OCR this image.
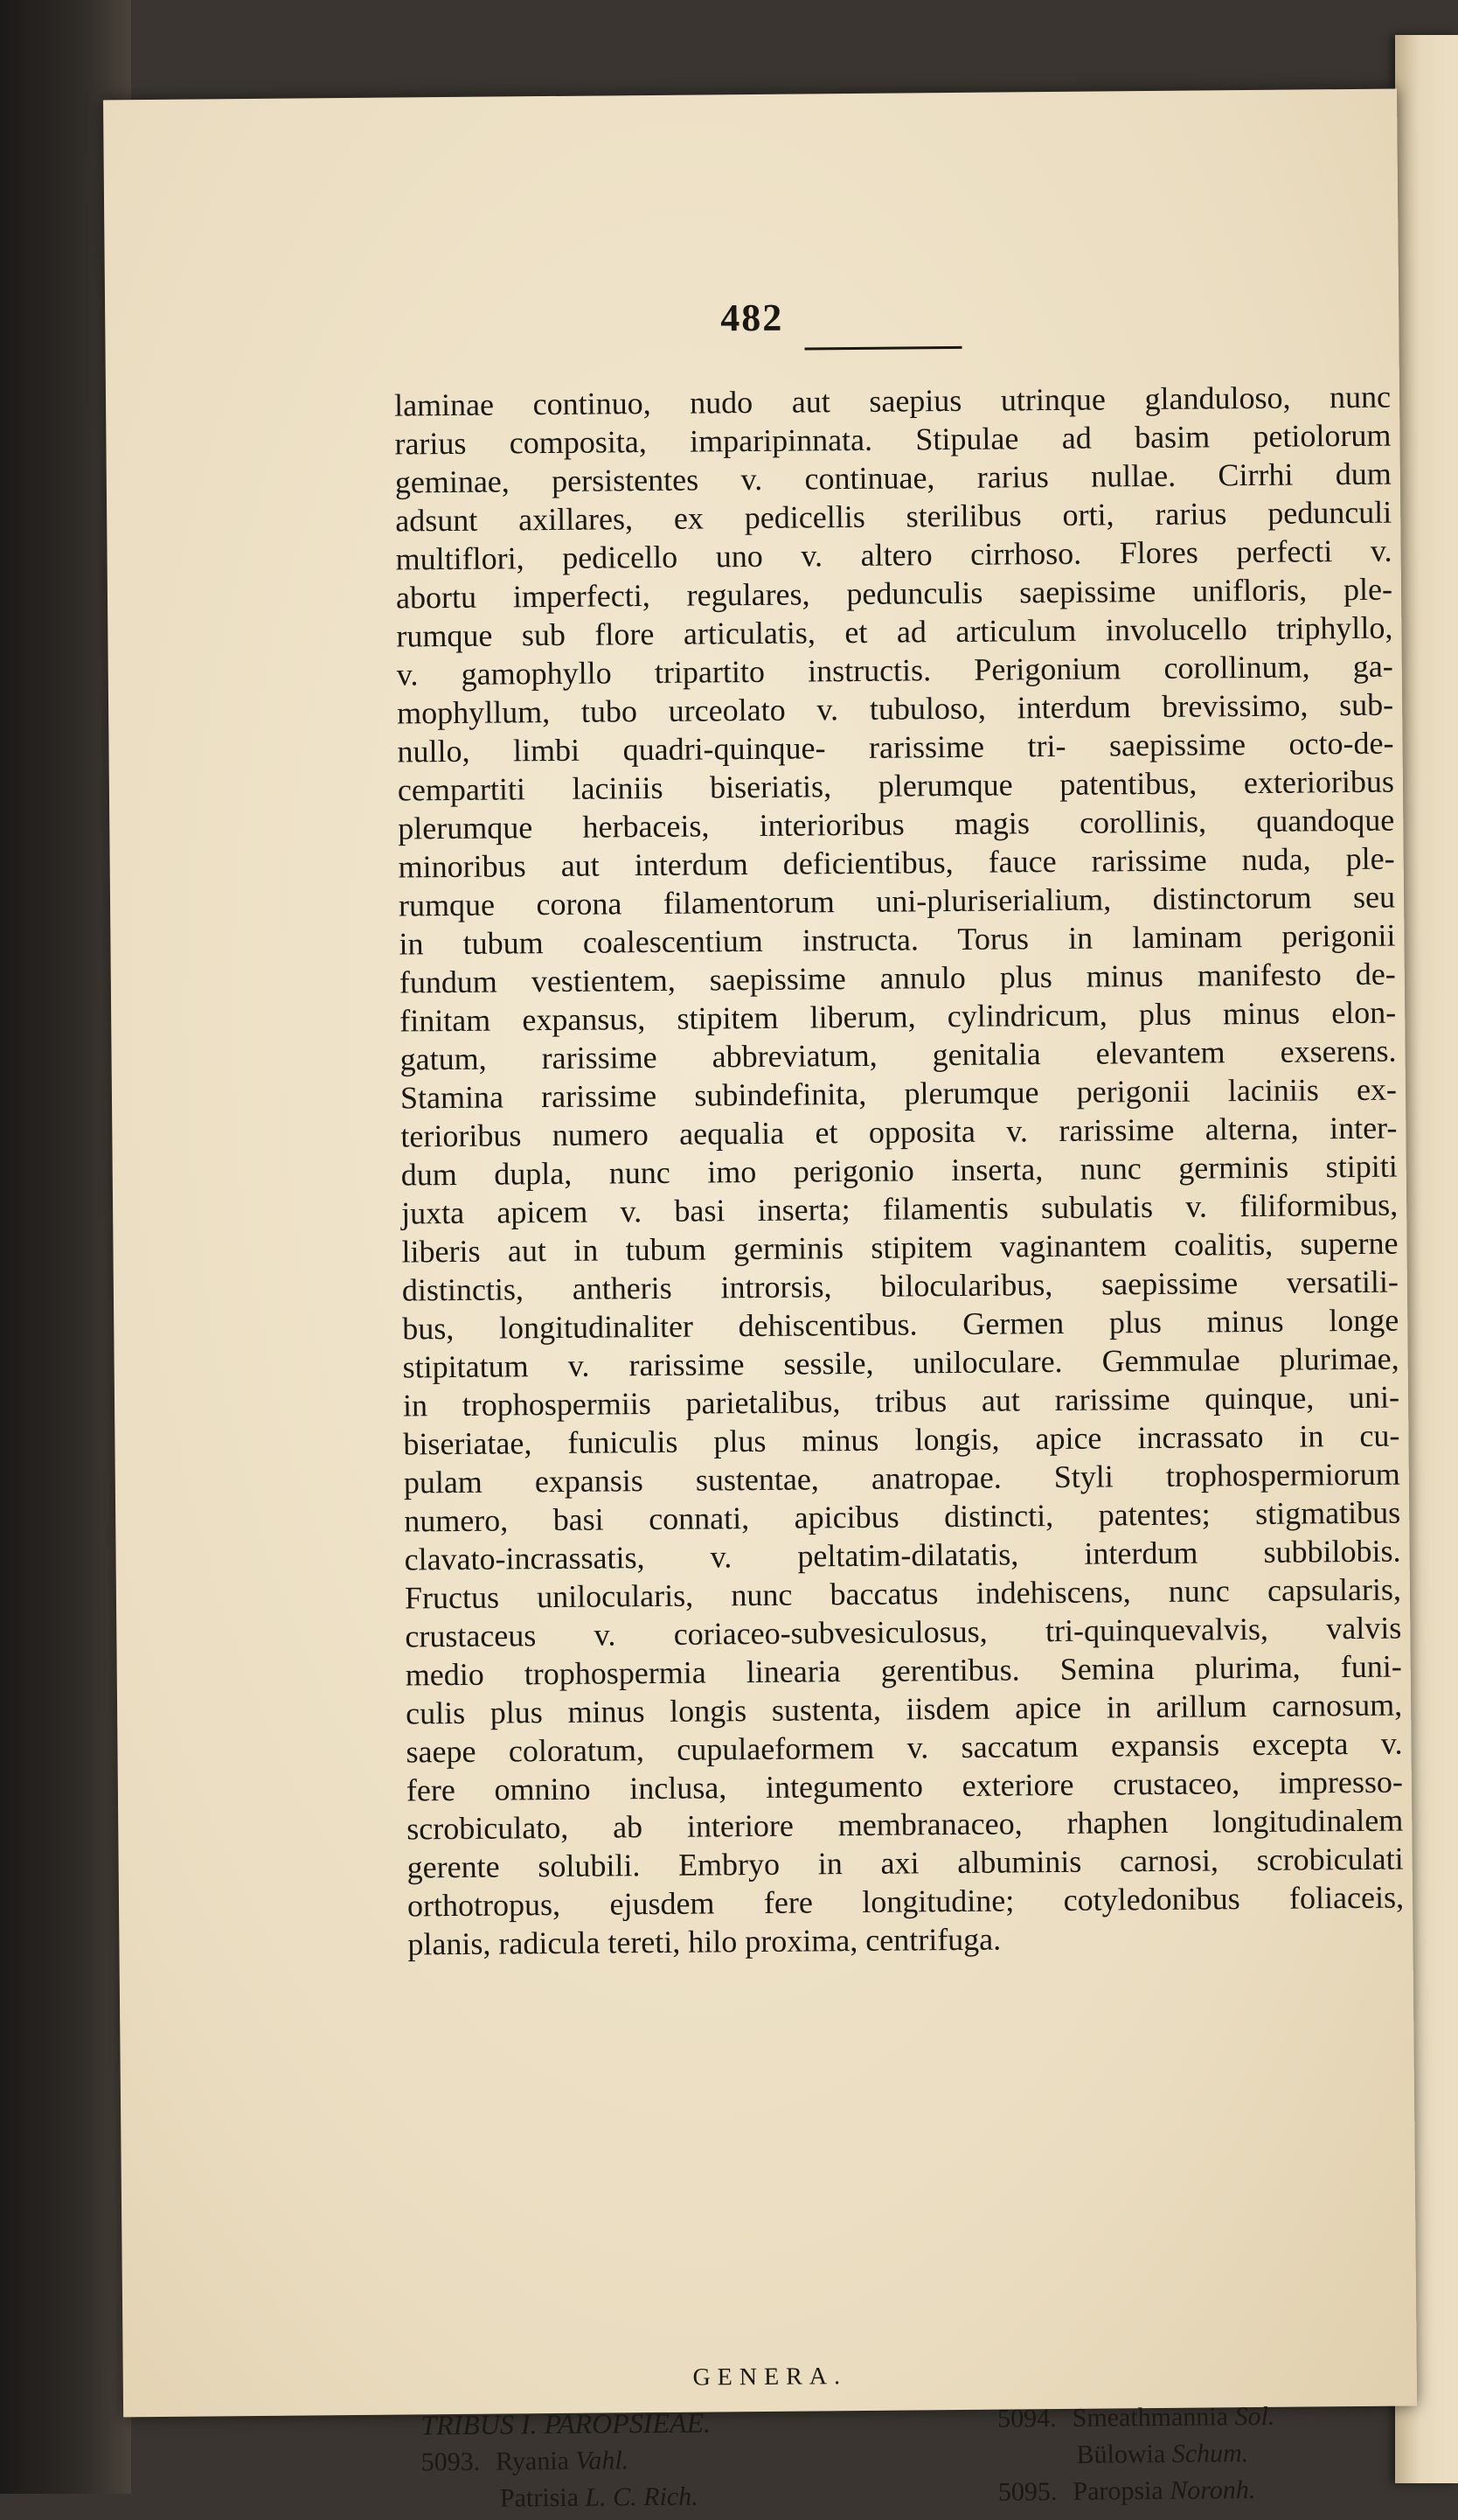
482
laminae continuo, nudo aut saepius utrinque glanduloso, nunc
rarius composita, imparipinnata. Stipulae ad basim petiolorum
geminae, persistentes v. continuae, rarius nullae. Cirrhi dum
adsunt axillares, ex pedicellis sterilibus orti, rarius pedunculi
multiflori, pedicello uno v. altero cirrhoso. Flores perfecti v.
abortu imperfecti, regulares, pedunculis saepissime unifloris, ple-
rumque sub flore articulatis, et ad articulum involucello triphyllo,
v. gamophyllo tripartito instructis. Perigonium corollinum, ga-
mophyllum, tubo urceolato v. tubuloso, interdum brevissimo, sub-
nullo, limbi quadri-quinque- rarissime tri- saepissime octo-de-
cempartiti laciniis biseriatis, plerumque patentibus, exterioribus
plerumque herbaceis, interioribus magis corollinis, quandoque
minoribus aut interdum deficientibus, fauce rarissime nuda, ple-
rumque corona filamentorum uni-pluriserialium, distinctorum seu
in tubum coalescentium instructa. Torus in laminam perigonii
fundum vestientem, saepissime annulo plus minus manifesto de-
finitam expansus, stipitem liberum, cylindricum, plus minus elon-
gatum, rarissime abbreviatum, genitalia elevantem exserens.
Stamina rarissime subindefinita, plerumque perigonii laciniis ex-
terioribus numero aequalia et opposita v. rarissime alterna, inter-
dum dupla, nunc imo perigonio inserta, nunc germinis stipiti
juxta apicem v. basi inserta; filamentis subulatis v. filiformibus,
liberis aut in tubum germinis stipitem vaginantem coalitis, superne
distinctis, antheris introrsis, bilocularibus, saepissime versatili-
bus, longitudinaliter dehiscentibus. Germen plus minus longe
stipitatum v. rarissime sessile, uniloculare. Gemmulae plurimae,
in trophospermiis parietalibus, tribus aut rarissime quinque, uni-
biseriatae, funiculis plus minus longis, apice incrassato in cu-
pulam expansis sustentae, anatropae. Styli trophospermiorum
numero, basi connati, apicibus distincti, patentes; stigmatibus
clavato-incrassatis, v. peltatim-dilatatis, interdum subbilobis.
Fructus unilocularis, nunc baccatus indehiscens, nunc capsularis,
crustaceus v. coriaceo-subvesiculosus, tri-quinquevalvis, valvis
medio trophospermia linearia gerentibus. Semina plurima, funi-
culis plus minus longis sustenta, iisdem apice in arillum carnosum,
saepe coloratum, cupulaeformem v. saccatum expansis excepta v.
fere omnino inclusa, integumento exteriore crustaceo, impresso-
scrobiculato, ab interiore membranaceo, rhaphen longitudinalem
gerente solubili. Embryo in axi albuminis carnosi, scrobiculati
orthotropus, ejusdem fere longitudine; cotyledonibus foliaceis,
planis, radicula tereti, hilo proxima, centrifuga.
GENERA.
TRIBUS I. PAROPSIEAE.
5093. Ryania Vahl.
Patrisia L. C. Rich.
5094. Smeathmannia Sol.
Bülowia Schum.
5095. Paropsia Noronh.
